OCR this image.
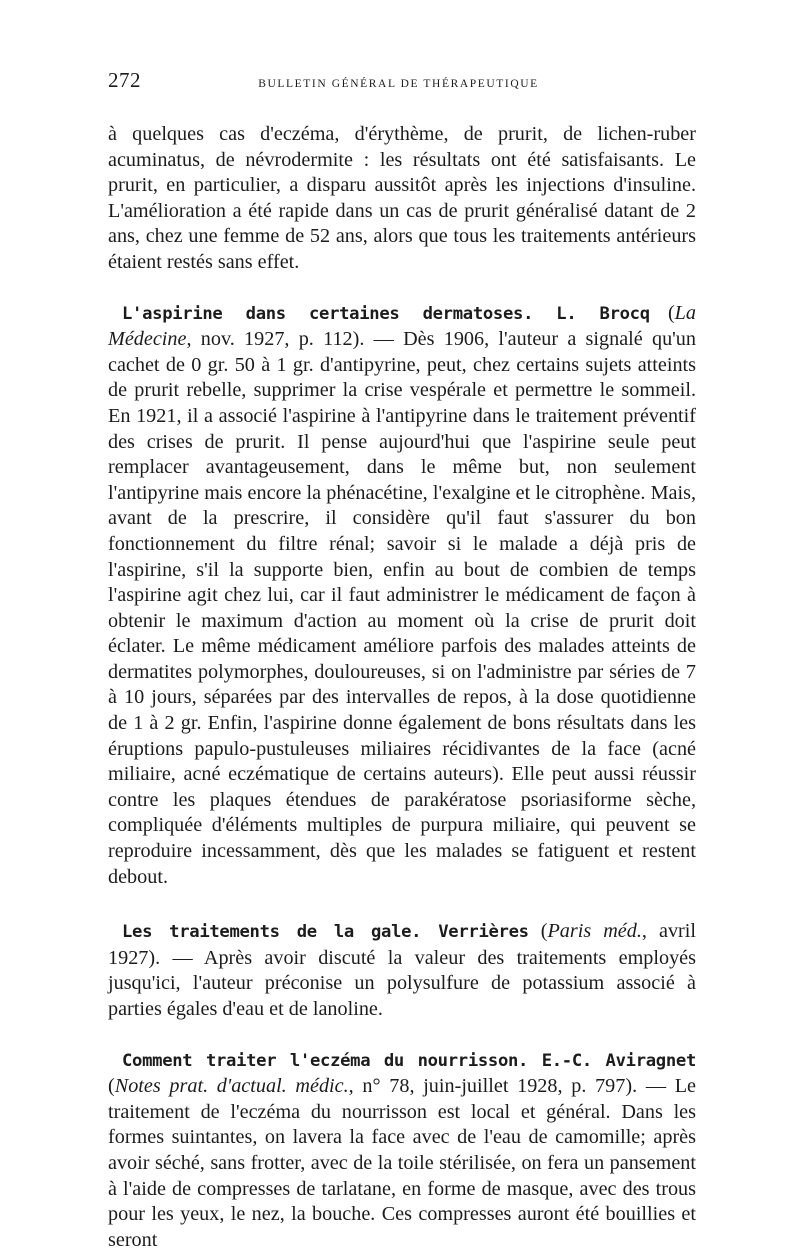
272	BULLETIN GÉNÉRAL DE THÉRAPEUTIQUE

à quelques cas d'eczéma, d'érythème, de prurit, de lichen-ruber acuminatus, de névrodermite : les résultats ont été satisfaisants. Le prurit, en particulier, a disparu aussitôt après les injections d'insuline. L'amélioration a été rapide dans un cas de prurit généralisé datant de 2 ans, chez une femme de 52 ans, alors que tous les traitements antérieurs étaient restés sans effet.

L'aspirine dans certaines dermatoses. L. Brocq (La Médecine, nov. 1927, p. 112). — Dès 1906, l'auteur a signalé qu'un cachet de 0 gr. 50 à 1 gr. d'antipyrine, peut, chez certains sujets atteints de prurit rebelle, supprimer la crise vespérale et permettre le sommeil. En 1921, il a associé l'aspirine à l'antipyrine dans le traitement préventif des crises de prurit. Il pense aujourd'hui que l'aspirine seule peut remplacer avantageusement, dans le même but, non seulement l'antipyrine mais encore la phénacétine, l'exalgine et le citrophène. Mais, avant de la prescrire, il considère qu'il faut s'assurer du bon fonctionnement du filtre rénal; savoir si le malade a déjà pris de l'aspirine, s'il la supporte bien, enfin au bout de combien de temps l'aspirine agit chez lui, car il faut administrer le médicament de façon à obtenir le maximum d'action au moment où la crise de prurit doit éclater. Le même médicament améliore parfois des malades atteints de dermatites polymorphes, douloureuses, si on l'administre par séries de 7 à 10 jours, séparées par des intervalles de repos, à la dose quotidienne de 1 à 2 gr. Enfin, l'aspirine donne également de bons résultats dans les éruptions papulo-pustuleuses miliaires récidivantes de la face (acné miliaire, acné eczématique de certains auteurs). Elle peut aussi réussir contre les plaques étendues de parakératose psoriasiforme sèche, compliquée d'éléments multiples de purpura miliaire, qui peuvent se reproduire incessamment, dès que les malades se fatiguent et restent debout.

Les traitements de la gale. Verrières (Paris méd., avril 1927). — Après avoir discuté la valeur des traitements employés jusqu'ici, l'auteur préconise un polysulfure de potassium associé à parties égales d'eau et de lanoline.

Comment traiter l'eczéma du nourrisson. E.-C. Aviragnet (Notes prat. d'actual. médic., n° 78, juin-juillet 1928, p. 797). — Le traitement de l'eczéma du nourrisson est local et général. Dans les formes suintantes, on lavera la face avec de l'eau de camomille; après avoir séché, sans frotter, avec de la toile stérilisée, on fera un pansement à l'aide de compresses de tarlatane, en forme de masque, avec des trous pour les yeux, le nez, la bouche. Ces compresses auront été bouillies et seront
